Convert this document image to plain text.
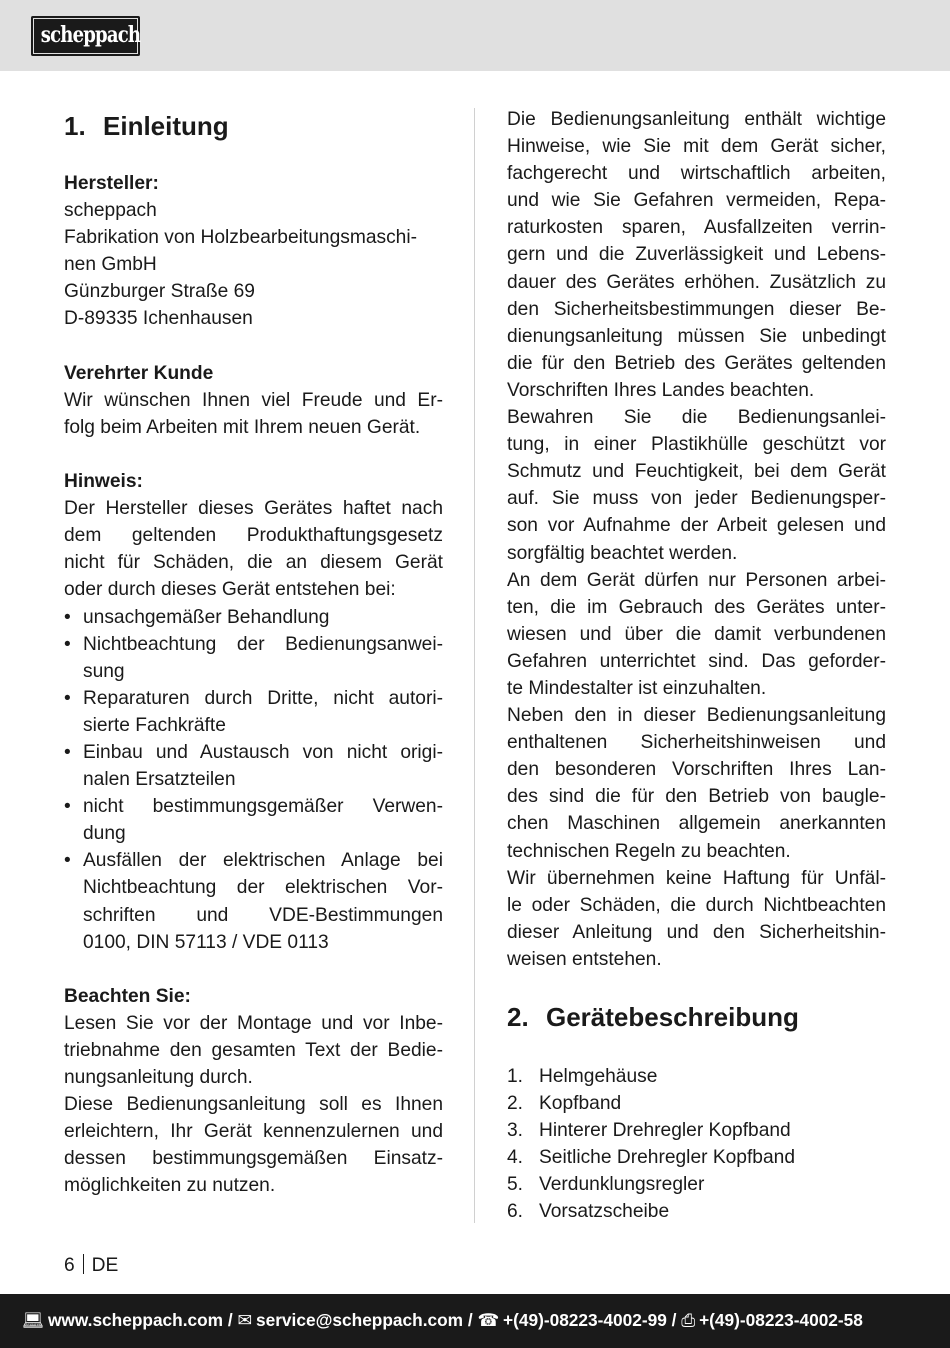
scheppach
1. Einleitung
Hersteller:
scheppach
Fabrikation von Holzbearbeitungsmaschi-
nen GmbH
Günzburger Straße 69
D-89335 Ichenhausen
Verehrter Kunde
Wir wünschen Ihnen viel Freude und Er-
folg beim Arbeiten mit Ihrem neuen Gerät.
Hinweis:
Der Hersteller dieses Gerätes haftet nach
dem geltenden Produkthaftungsgesetz
nicht für Schäden, die an diesem Gerät
oder durch dieses Gerät entstehen bei:
• unsachgemäßer Behandlung
• Nichtbeachtung der Bedienungsanwei-
sung
• Reparaturen durch Dritte, nicht autori-
sierte Fachkräfte
• Einbau und Austausch von nicht origi-
nalen Ersatzteilen
• nicht bestimmungsgemäßer Verwen-
dung
• Ausfällen der elektrischen Anlage bei
Nichtbeachtung der elektrischen Vor-
schriften und VDE-Bestimmungen
0100, DIN 57113 / VDE 0113
Beachten Sie:
Lesen Sie vor der Montage und vor Inbe-
triebnahme den gesamten Text der Bedie-
nungsanleitung durch.
Diese Bedienungsanleitung soll es Ihnen
erleichtern, Ihr Gerät kennenzulernen und
dessen bestimmungsgemäßen Einsatz-
möglichkeiten zu nutzen.
Die Bedienungsanleitung enthält wichtige
Hinweise, wie Sie mit dem Gerät sicher,
fachgerecht und wirtschaftlich arbeiten,
und wie Sie Gefahren vermeiden, Repa-
raturkosten sparen, Ausfallzeiten verrin-
gern und die Zuverlässigkeit und Lebens-
dauer des Gerätes erhöhen. Zusätzlich zu
den Sicherheitsbestimmungen dieser Be-
dienungsanleitung müssen Sie unbedingt
die für den Betrieb des Gerätes geltenden
Vorschriften Ihres Landes beachten.
Bewahren Sie die Bedienungsanlei-
tung, in einer Plastikhülle geschützt vor
Schmutz und Feuchtigkeit, bei dem Gerät
auf. Sie muss von jeder Bedienungsper-
son vor Aufnahme der Arbeit gelesen und
sorgfältig beachtet werden.
An dem Gerät dürfen nur Personen arbei-
ten, die im Gebrauch des Gerätes unter-
wiesen und über die damit verbundenen
Gefahren unterrichtet sind. Das geforder-
te Mindestalter ist einzuhalten.
Neben den in dieser Bedienungsanleitung
enthaltenen Sicherheitshinweisen und
den besonderen Vorschriften Ihres Lan-
des sind die für den Betrieb von baugle-
chen Maschinen allgemein anerkannten
technischen Regeln zu beachten.
Wir übernehmen keine Haftung für Unfäl-
le oder Schäden, die durch Nichtbeachten
dieser Anleitung und den Sicherheitshin-
weisen entstehen.
2. Gerätebeschreibung
1. Helmgehäuse
2. Kopfband
3. Hinterer Drehregler Kopfband
4. Seitliche Drehregler Kopfband
5. Verdunklungsregler
6. Vorsatzscheibe
6 DE
💻︎ www.scheppach.com / ✉ service@scheppach.com / ☎ +(49)-08223-4002-99 / ⎙ +(49)-08223-4002-58
